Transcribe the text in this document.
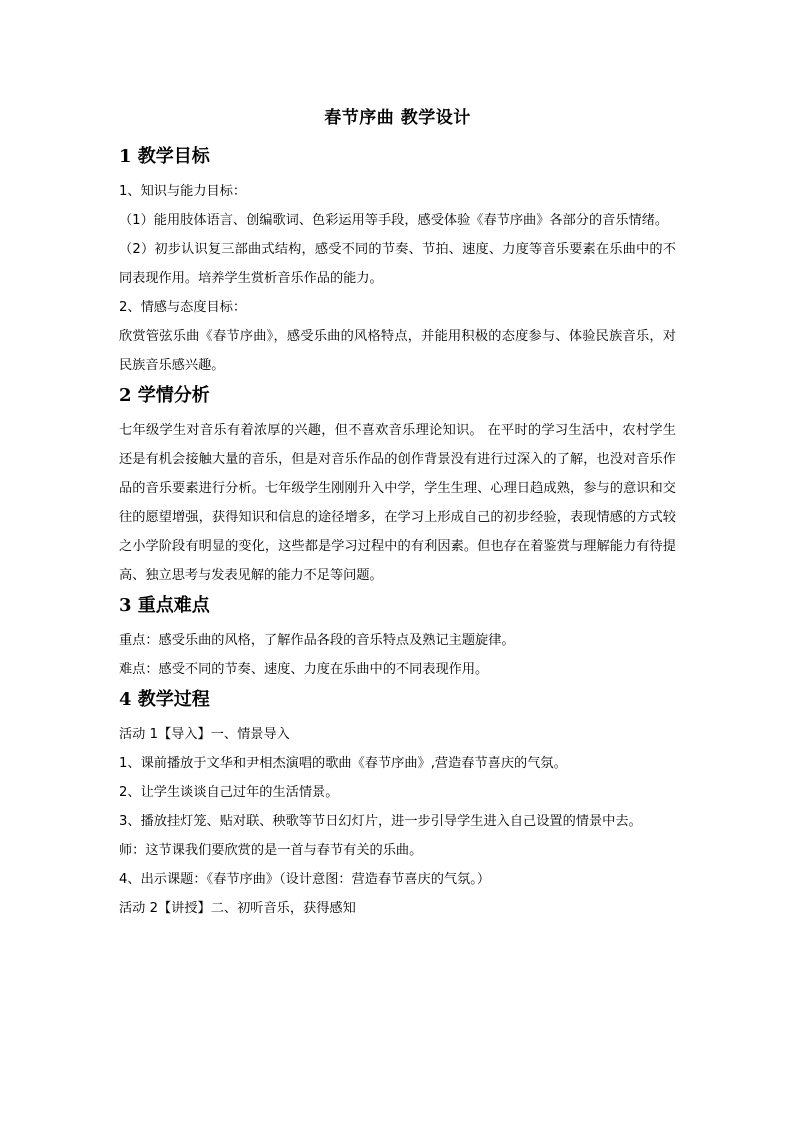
春节序曲 教学设计
1 教学目标

1、知识与能力目标：

（1）能用肢体语言、创编歌词、色彩运用等手段，感受体验《春节序曲》各部分的音乐情绪。

（2）初步认识复三部曲式结构，感受不同的节奏、节拍、速度、力度等音乐要素在乐曲中的不同表现作用。培养学生赏析音乐作品的能力。

2、情感与态度目标：

欣赏管弦乐曲《春节序曲》，感受乐曲的风格特点，并能用积极的态度参与、体验民族音乐，对民族音乐感兴趣。

2 学情分析

七年级学生对音乐有着浓厚的兴趣，但不喜欢音乐理论知识。 在平时的学习生活中，农村学生还是有机会接触大量的音乐，但是对音乐作品的创作背景没有进行过深入的了解，也没对音乐作品的音乐要素进行分析。七年级学生刚刚升入中学，学生生理、心理日趋成熟，参与的意识和交往的愿望增强，获得知识和信息的途径增多，在学习上形成自己的初步经验，表现情感的方式较之小学阶段有明显的变化，这些都是学习过程中的有利因素。但也存在着鉴赏与理解能力有待提高、独立思考与发表见解的能力不足等问题。

3 重点难点

重点：感受乐曲的风格，了解作品各段的音乐特点及熟记主题旋律。

难点：感受不同的节奏、速度、力度在乐曲中的不同表现作用。

4 教学过程

活动 1【导入】一、情景导入

1、课前播放于文华和尹相杰演唱的歌曲《春节序曲》,营造春节喜庆的气氛。

2、让学生谈谈自己过年的生活情景。

3、播放挂灯笼、贴对联、秧歌等节日幻灯片，进一步引导学生进入自己设置的情景中去。

师：这节课我们要欣赏的是一首与春节有关的乐曲。

4、出示课题：《春节序曲》（设计意图：营造春节喜庆的气氛。）

活动 2【讲授】二、初听音乐，获得感知
